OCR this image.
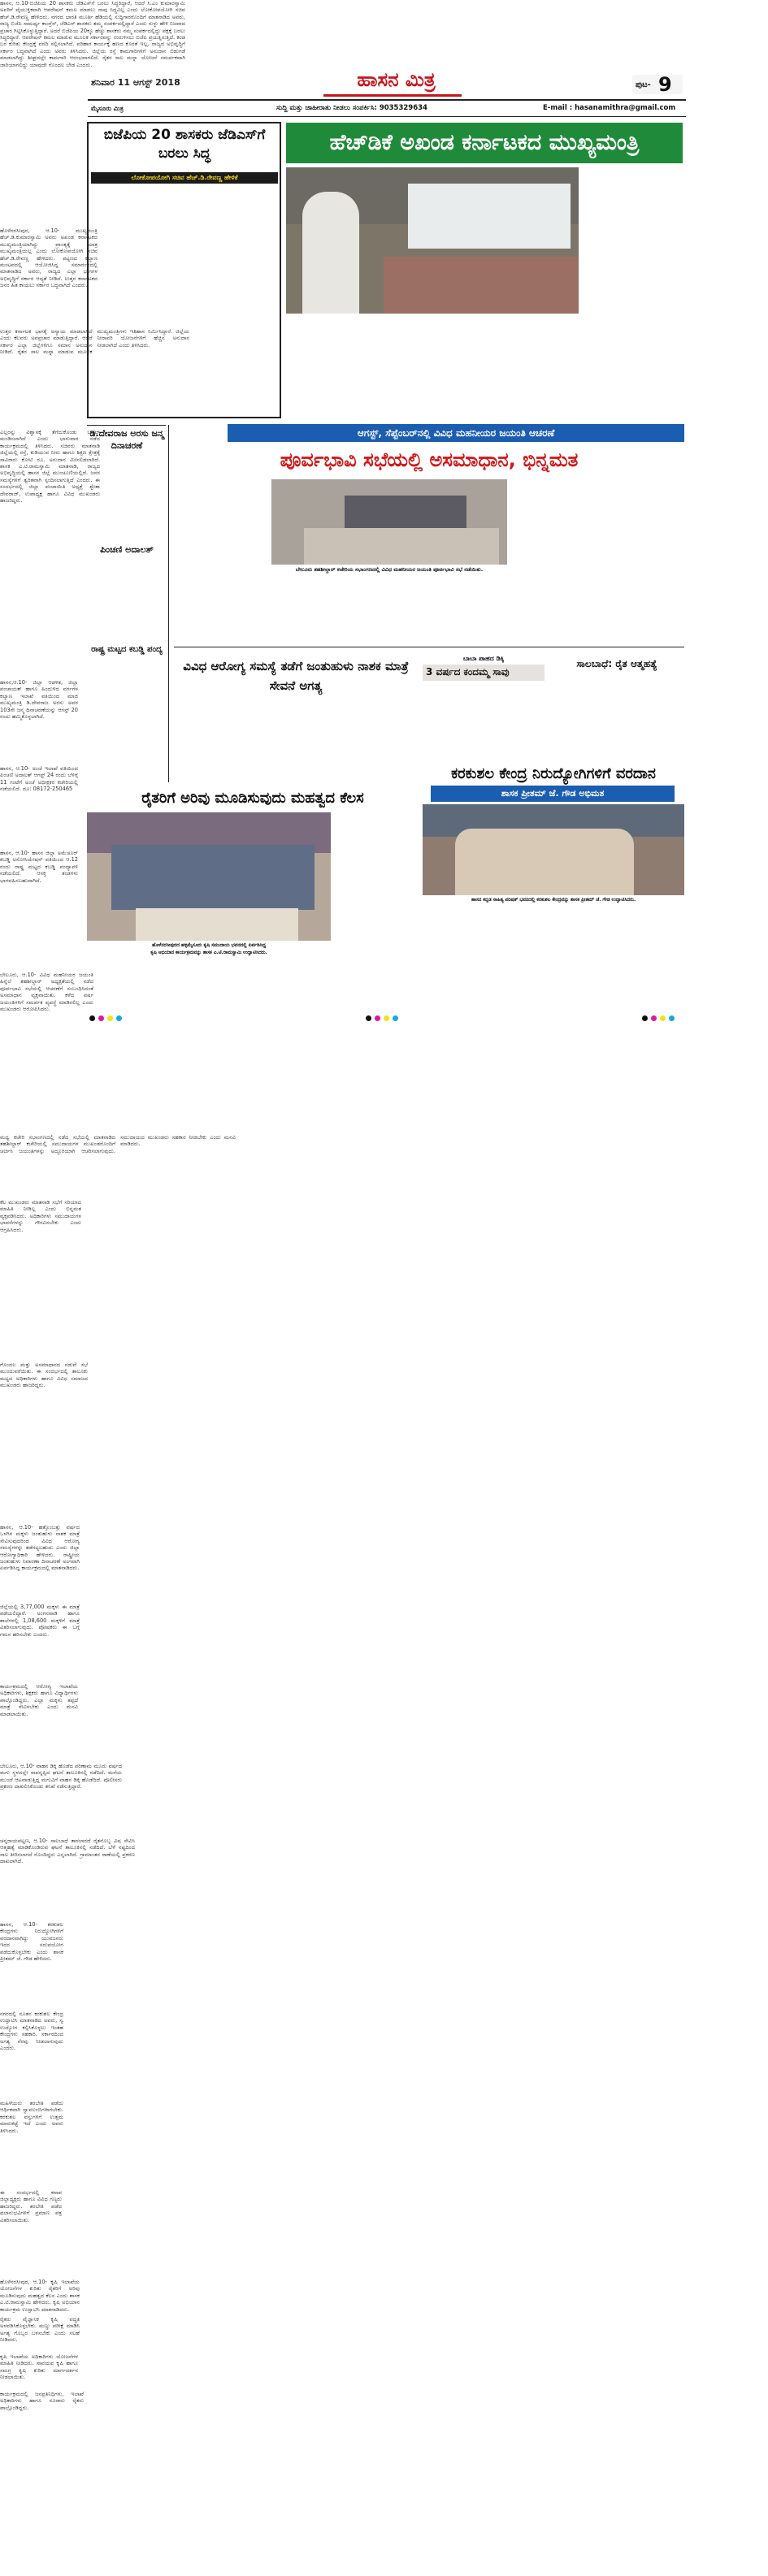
ಶನಿವಾರ 11 ಆಗಸ್ಟ್ 2018	ಹಾಸನ ಮಿತ್ರ	ಪುಟ- 9
ಮೈಸೂರು ಮಿತ್ರ	ಸುದ್ದಿ ಮತ್ತು ಜಾಹೀರಾತು ನೀಡಲು ಸಂಪರ್ಕಿಸಿ: 9035329634	E-mail : hasanamithra@gmail.com
ಬಿಜೆಪಿಯ 20 ಶಾಸಕರು ಜೆಡಿಎಸ್‌ಗೆ ಬರಲು ಸಿದ್ಧ
ಲೋಕೋಪಯೋಗಿ ಸಚಿವ ಹೆಚ್.ಡಿ.ರೇವಣ್ಣ ಹೇಳಿಕೆ
ಹಾಸನ, ಆ.10-ಬಿಜೆಪಿಯ 20 ಶಾಸಕರು ಜೆಡಿಎಸ್‌ಗೆ ಬರಲು ಸಿದ್ಧರಿದ್ದಾರೆ, ಆದರೆ ಸಿ.ಎಂ ಕುಮಾರಸ್ವಾಮಿ ಅವರಿಗೆ ವೈಯುಕ್ತಿಕವಾಗಿ ಆಪರೇಷನ್ ಕಮಲ ಮಾಡಲು ನಾವು ಸಿದ್ಧವಿಲ್ಲ ಎಂದು ಲೋಕೋಪಯೋಗಿ ಸಚಿವ ಹೆಚ್.ಡಿ.ರೇವಣ್ಣ ಹೇಳಿದರು. ನಗರದ ಭಾರತಿ ಮೂರ್ತಿ ಹೆಡಿಯಲ್ಲಿ ಸುದ್ದಿಗಾರರೊಂದಿಗೆ ಮಾತನಾಡಿದ ಅವರು, ರಾಜ್ಯ ಬಿಜೆಪಿ ಸಾಮರ್ಥ್ಯ ಕಾಂಗ್ರೆಸ್, ಜೆಡಿಎಸ್ ಶಾಸಕರು ತಮ್ಮ ಸಂಪರ್ಕದಲ್ಲಿದ್ದಾರೆ ಎಂದು ಸುಳ್ಳು ಹೇಳಿ ನಿಜವಾದ ಪ್ರಚಾರ ಗಿಟ್ಟಿಸಿಕೊಳ್ಳುತ್ತಿದ್ದಾರೆ. ಅದರೆ ಬಿಜೆಪಿಯ 20ಕ್ಕೂ ಹೆಚ್ಚು ಶಾಸಕರು ನಮ್ಮ ಸಂಪರ್ಕದಲ್ಲಿದ್ದು ಪಕ್ಷಕ್ಕೆ ಬರಲು ಸಿದ್ಧರಿದ್ದಾರೆ. ಆಪರೇಷನ್ ಕಮಲ ಮಾಡುವ ಮೂಲಕ ಸರ್ಕಾರವನ್ನು ಉರುಳಿಸಲು ಬಿಜೆಪಿ ಪ್ರಯತ್ನಿಸುತ್ತಿದೆ. ಕರಡ ಬರ ಕುರಿತು ಕೇಂದ್ರಕ್ಕೆ ವರದಿ ಸಲ್ಲಿಸಲಾಗಿದೆ. ಪರಿಹಾರ ಕಾರ್ಯಕ್ಕೆ ಹಣದ ಕೊರತೆ ಇಲ್ಲ. ರಾಜ್ಯದ ಅಭಿವೃದ್ಧಿಗೆ ಸರ್ಕಾರ ಬದ್ಧವಾಗಿದೆ ಎಂದು ಅವರು ತಿಳಿಸಿದರು. ಜಿಲ್ಲೆಯ ರಸ್ತೆ ಕಾಮಗಾರಿಗಳಿಗೆ ಅನುದಾನ ಬಿಡುಗಡೆ ಮಾಡಲಾಗಿದ್ದು ಶೀಘ್ರದಲ್ಲೇ ಕಾಮಗಾರಿ ಆರಂಭವಾಗಲಿದೆ. ರೈತರ ಸಾಲ ಮನ್ನಾ ಯೋಜನೆ ಸಮರ್ಪಕವಾಗಿ ಜಾರಿಯಾಗಲಿದ್ದು ಯಾವುದೇ ಗೊಂದಲ ಬೇಡ ಎಂದರು.
ಹೆಚ್‌ಡಿಕೆ ಅಖಂಡ ಕರ್ನಾಟಕದ ಮುಖ್ಯಮಂತ್ರಿ
ಹೊಳೆನರಸೀಪುರ, ಆ.10- ಮುಖ್ಯಮಂತ್ರಿ ಹೆಚ್.ಡಿ.ಕುಮಾರಸ್ವಾಮಿ ಅವರು ಅಖಂಡ ಕರ್ನಾಟಕದ ಮುಖ್ಯಮಂತ್ರಿಯಾಗಿದ್ದು ಪ್ರಾಂತ್ಯಕ್ಕೆ ಮಾತ್ರ ಮುಖ್ಯಮಂತ್ರಿಯಲ್ಲ ಎಂದು ಲೋಕೋಪಯೋಗಿ ಸಚಿವ ಹೆಚ್.ಡಿ.ರೇವಣ್ಣ ಹೇಳಿದರು. ಪಟ್ಟಣದ ಕಲ್ಯಾಣ ಮಂಟಪದಲ್ಲಿ ಆಯೋಜಿಸಿದ್ದ ಸಮಾರಂಭದಲ್ಲಿ ಮಾತನಾಡಿದ ಅವರು, ರಾಜ್ಯದ ಎಲ್ಲಾ ಭಾಗಗಳ ಅಭಿವೃದ್ಧಿಗೆ ಸರ್ಕಾರ ಆದ್ಯತೆ ನೀಡಿದೆ. ಉತ್ತರ ಕರ್ನಾಟಕದ ಜನರ ಹಿತ ಕಾಯಲು ಸರ್ಕಾರ ಬದ್ಧವಾಗಿದೆ ಎಂದರು.
ಉತ್ತರ ಕರ್ನಾಟಕ ಭಾಗಕ್ಕೆ ಅನ್ಯಾಯ ಮಾಡಲಾಗಿದೆ ಎಂದು ಕೆಲವರು ಅಪಪ್ರಚಾರ ಮಾಡುತ್ತಿದ್ದಾರೆ. ಆದರೆ ಸರ್ಕಾರ ಎಲ್ಲಾ ಜಿಲ್ಲೆಗಳಿಗೂ ಸಮಾನ ಅನುದಾನ ನೀಡಿದೆ. ರೈತರ ಸಾಲ ಮನ್ನಾ ಮಾಡುವ ಮೂಲಕ ಮುಖ್ಯಮಂತ್ರಿಗಳು ಇತಿಹಾಸ ನಿರ್ಮಿಸಿದ್ದಾರೆ. ಜಿಲ್ಲೆಯ ನೀರಾವರಿ ಯೋಜನೆಗಳಿಗೆ ಹೆಚ್ಚಿನ ಅನುದಾನ ನೀಡಲಾಗಿದೆ ಎಂದು ತಿಳಿಸಿದರು.
ಎಲ್ಲರನ್ನು ವಿಶ್ವಾಸಕ್ಕೆ ತೆಗೆದುಕೊಂಡು ಬಜೆಟ್ ಮಂಡಿಸಲಾಗಿದೆ ಎಂದು ಭಾನುವಾರ ನಡೆದ ಕಾರ್ಯಕ್ರಮದಲ್ಲಿ ತಿಳಿಸಿದರು. ಸಚಿವರು ಮಾತನಾಡಿ ಜಿಲ್ಲೆಯಲ್ಲಿ ರಸ್ತೆ, ಕುಡಿಯುವ ನೀರು ಹಾಗೂ ಶಿಕ್ಷಣ ಕ್ಷೇತ್ರಕ್ಕೆ ಸಾವಿರಾರು ಕೋಟಿ ರೂ. ಅನುದಾನ ಮೀಸಲಿಡಲಾಗಿದೆ. ಶಾಸಕ ಎ.ಟಿ.ರಾಮಸ್ವಾಮಿ ಮಾತನಾಡಿ, ರಾಜ್ಯದ ಅಭಿವೃದ್ಧಿಯಲ್ಲಿ ಹಾಸನ ಜಿಲ್ಲೆ ಮುಂಚೂಣಿಯಲ್ಲಿದೆ. ಜನರ ಸಮಸ್ಯೆಗಳಿಗೆ ತ್ವರಿತವಾಗಿ ಸ್ಪಂದಿಸಲಾಗುತ್ತಿದೆ ಎಂದರು. ಈ ಸಂದರ್ಭದಲ್ಲಿ ಜಿಲ್ಲಾ ಪಂಚಾಯಿತಿ ಅಧ್ಯಕ್ಷೆ ಶ್ವೇತಾ ದೇವರಾಜ್, ಉಪಾಧ್ಯಕ್ಷ ಹಾಗೂ ವಿವಿಧ ಮುಖಂಡರು ಹಾಜರಿದ್ದರು.
ಡಿ.ದೇವರಾಜ ಅರಸು ಜನ್ಮ ದಿನಾಚರಣೆ
ಹಾಸನ,ಆ.10- ಜಿಲ್ಲಾ ಆಡಳಿತ, ಜಿಲ್ಲಾ ಪಂಚಾಯತ್ ಹಾಗೂ ಹಿಂದುಳಿದ ವರ್ಗಗಳ ಕಲ್ಯಾಣ ಇಲಾಖೆ ವತಿಯಿಂದ ಮಾಜಿ ಮುಖ್ಯಮಂತ್ರಿ ಡಿ.ದೇವರಾಜ ಅರಸು ಅವರ 103ನೇ ಜನ್ಮ ದಿನಾಚರಣೆಯನ್ನು ಆಗಸ್ಟ್ 20 ರಂದು ಹಮ್ಮಿಕೊಳ್ಳಲಾಗಿದೆ.
ಪಿಂಚಣಿ ಅದಾಲತ್
ಹಾಸನ, ಆ.10- ಅಂಚೆ ಇಲಾಖೆ ವತಿಯಿಂದ ಪಿಂಚಣಿ ಅದಾಲತ್ ಆಗಸ್ಟ್ 24 ರಂದು ಬೆಳಿಗ್ಗೆ 11 ಗಂಟೆಗೆ ಅಂಚೆ ಅಧೀಕ್ಷಕರ ಕಚೇರಿಯಲ್ಲಿ ನಡೆಯಲಿದೆ. ದೂ: 08172-250465
ರಾಷ್ಟ್ರ ಮಟ್ಟದ ಕಬಡ್ಡಿ ಪಂದ್ಯ
ಹಾಸನ, ಆ.10- ಹಾಸನ ಜಿಲ್ಲಾ ಅಮೆಚೂರ್ ಕಬಡ್ಡಿ ಅಸೋಸಿಯೇಷನ್ ವತಿಯಿಂದ ಆ.12 ರಂದು ರಾಷ್ಟ್ರ ಮಟ್ಟದ ಕಬಡ್ಡಿ ಪಂದ್ಯಾವಳಿ ನಡೆಯಲಿದೆ. ಆಸಕ್ತ ತಂಡಗಳು ಭಾಗವಹಿಸಬಹುದಾಗಿದೆ.
ಆಗಸ್ಟ್, ಸೆಪ್ಟೆಂಬರ್‌ನಲ್ಲಿ ವಿವಿಧ ಮಹನೀಯರ ಜಯಂತಿ ಆಚರಣೆ
ಪೂರ್ವಭಾವಿ ಸಭೆಯಲ್ಲಿ ಅಸಮಾಧಾನ, ಭಿನ್ನಮತ
ಬೇಲೂರು, ಆ.10- ವಿವಿಧ ಮಹನೀಯರ ಜಯಂತಿ ಹಿನ್ನೆಲೆ ತಹಶೀಲ್ದಾರ್ ಅಧ್ಯಕ್ಷತೆಯಲ್ಲಿ ನಡೆದ ಪೂರ್ವಭಾವಿ ಸಭೆಯಲ್ಲಿ ಆಚರಣೆಗೆ ಸಂಬಂಧಿಸಿದಂತೆ ಅಸಮಾಧಾನ ವ್ಯಕ್ತವಾಯಿತು. ಕಳೆದ ವರ್ಷ ಜಯಂತಿಗಳಿಗೆ ಸಮರ್ಪಕ ವ್ಯವಸ್ಥೆ ಮಾಡಿರಲಿಲ್ಲ ಎಂದು ಮುಖಂಡರು ಆರೋಪಿಸಿದರು.
ಬೇಲೂರು ತಹಶೀಲ್ದಾರ್ ಕಚೇರಿಯ ಸಭಾಂಗಣದಲ್ಲಿ ವಿವಿಧ ಮಹನೀಯರ ಜಯಂತಿ ಪೂರ್ವಭಾವಿ ಸಭೆ ನಡೆಯಿತು.
ಮಧ್ಯ ಕಚೇರಿ ಸಭಾಂಗಣದಲ್ಲಿ ನಡೆದ ಸಭೆಯಲ್ಲಿ ಮಾತನಾಡಿದ ತಹಶೀಲ್ದಾರ್ ಕಚೇರಿಯಲ್ಲಿ ಸಮುದಾಯಗಳ ಮುಖಂಡರೊಂದಿಗೆ ಚರ್ಚಿಸಿ ಜಯಂತಿಗಳನ್ನು ಅದ್ದೂರಿಯಾಗಿ ಆಚರಿಸಲಾಗುವುದು. ಸಮುದಾಯದ ಮುಖಂಡರು ಸಹಕಾರ ನೀಡಬೇಕು ಎಂದು ಮನವಿ ಮಾಡಿದರು.
ಕೆಲ ಮುಖಂಡರು ಮಾತನಾಡಿ ಸಭೆಗೆ ಸರಿಯಾದ ಮಾಹಿತಿ ನೀಡಿಲ್ಲ ಎಂದು ಭಿನ್ನಮತ ವ್ಯಕ್ತಪಡಿಸಿದರು. ಅಧಿಕಾರಿಗಳು ಸಮುದಾಯಗಳ ಭಾವನೆಗಳನ್ನು ಗೌರವಿಸಬೇಕು ಎಂದು ಆಗ್ರಹಿಸಿದರು.
ಗೊಂದಲ ಮತ್ತು ಅಸಮಾಧಾನದ ನಡುವೆ ಸಭೆ ಮುಂದುವರೆಯಿತು. ಈ ಸಂದರ್ಭದಲ್ಲಿ ತಾಲೂಕು ಮಟ್ಟದ ಅಧಿಕಾರಿಗಳು ಹಾಗೂ ವಿವಿಧ ಸಮಾಜದ ಮುಖಂಡರು ಹಾಜರಿದ್ದರು.
ವಿವಿಧ ಆರೋಗ್ಯ ಸಮಸ್ಯೆ ತಡೆಗೆ ಜಂತುಹುಳು ನಾಶಕ ಮಾತ್ರೆ ಸೇವನೆ ಅಗತ್ಯ
ಹಾಸನ, ಆ.10- ಹತ್ತೊಂಬತ್ತು ವರ್ಷದ ಒಳಗಿನ ಮಕ್ಕಳು ಜಂತುಹುಳು ನಾಶಕ ಮಾತ್ರೆ ಸೇವಿಸುವುದರಿಂದ ವಿವಿಧ ಆರೋಗ್ಯ ಸಮಸ್ಯೆಗಳನ್ನು ತಡೆಗಟ್ಟಬಹುದು ಎಂದು ಜಿಲ್ಲಾ ಆರೋಗ್ಯಾಧಿಕಾರಿ ಹೇಳಿದರು. ರಾಷ್ಟ್ರೀಯ ಜಂತುಹುಳು ನಿವಾರಣಾ ದಿನಾಚರಣೆ ಅಂಗವಾಗಿ ಏರ್ಪಡಿಸಿದ್ದ ಕಾರ್ಯಕ್ರಮದಲ್ಲಿ ಮಾತನಾಡಿದರು.
ಜಿಲ್ಲೆಯಲ್ಲಿ 3,77,000 ಮಕ್ಕಳು ಈ ಮಾತ್ರೆ ಪಡೆಯಲಿದ್ದಾರೆ. ಅಂಗನವಾಡಿ ಹಾಗೂ ಶಾಲೆಗಳಲ್ಲಿ 1,08,600 ಮಕ್ಕಳಿಗೆ ಮಾತ್ರೆ ವಿತರಿಸಲಾಗುವುದು. ಪೋಷಕರು ಈ ಬಗ್ಗೆ ಗಮನ ಹರಿಸಬೇಕು ಎಂದರು.
ಕಾರ್ಯಕ್ರಮದಲ್ಲಿ ಆರೋಗ್ಯ ಇಲಾಖೆಯ ಅಧಿಕಾರಿಗಳು, ಶಿಕ್ಷಕರು ಹಾಗೂ ವಿದ್ಯಾರ್ಥಿಗಳು ಪಾಲ್ಗೊಂಡಿದ್ದರು. ಎಲ್ಲಾ ಮಕ್ಕಳು ತಪ್ಪದೆ ಮಾತ್ರೆ ಸೇವಿಸಬೇಕು ಎಂದು ಮನವಿ ಮಾಡಲಾಯಿತು.
ಬಾಬಾ ಪಾಹದ ಡಿಕ್ಕಿ
3 ವರ್ಷದ ಕಂದಮ್ಮ ಸಾವು
ಬೇಲೂರು, ಆ.10- ವಾಹನ ಡಿಕ್ಕಿ ಹೊಡೆದ ಪರಿಣಾಮ ಮೂರು ವರ್ಷದ ಮಗು ಸ್ಥಳದಲ್ಲೇ ಸಾವನ್ನಪ್ಪಿದ ಘಟನೆ ತಾಲೂಕಿನಲ್ಲಿ ನಡೆದಿದೆ. ಮನೆಯ ಮುಂದೆ ಆಟವಾಡುತ್ತಿದ್ದ ಮಗುವಿಗೆ ವಾಹನ ಡಿಕ್ಕಿ ಹೊಡೆದಿದೆ. ಪೊಲೀಸರು ಪ್ರಕರಣ ದಾಖಲಿಸಿಕೊಂಡು ತನಿಖೆ ನಡೆಸುತ್ತಿದ್ದಾರೆ.
ಸಾಲಬಾಧೆ: ರೈತ ಆತ್ಮಹತ್ಯೆ
ಚನ್ನರಾಯಪಟ್ಟಣ, ಆ.10- ಸಾಲಬಾಧೆ ತಾಳಲಾರದೆ ರೈತನೊಬ್ಬ ವಿಷ ಸೇವಿಸಿ ಆತ್ಮಹತ್ಯೆ ಮಾಡಿಕೊಂಡಿರುವ ಘಟನೆ ತಾಲೂಕಿನಲ್ಲಿ ನಡೆದಿದೆ. ಬೆಳೆ ನಷ್ಟದಿಂದ ಸಾಲ ತೀರಿಸಲಾಗದೆ ನೊಂದಿದ್ದರು ಎನ್ನಲಾಗಿದೆ. ಗ್ರಾಮಾಂತರ ಠಾಣೆಯಲ್ಲಿ ಪ್ರಕರಣ ದಾಖಲಾಗಿದೆ.
ಕರಕುಶಲ ಕೇಂದ್ರ ನಿರುದ್ಯೋಗಿಗಳಿಗೆ ವರದಾನ
ಶಾಸಕ ಪ್ರೀತಮ್ ಜೆ. ಗೌಡ ಅಭಿಮತ
ಹಾಸನ ಕನ್ನಡ ಸಾಹಿತ್ಯ ಪರಿಷತ್ ಭವನದಲ್ಲಿ ಕರಕುಶಲ ಕೇಂದ್ರವನ್ನು ಶಾಸಕ ಪ್ರೀತಮ್ ಜೆ. ಗೌಡ ಉದ್ಘಾಟಿಸಿದರು.
ಹಾಸನ, ಆ.10- ಕರಕುಶಲ ಕೇಂದ್ರಗಳು ನಿರುದ್ಯೋಗಿಗಳಿಗೆ ವರದಾನವಾಗಿದ್ದು ಯುವಜನರು ಇದರ ಸದುಪಯೋಗ ಪಡೆದುಕೊಳ್ಳಬೇಕು ಎಂದು ಶಾಸಕ ಪ್ರೀತಮ್ ಜೆ. ಗೌಡ ಹೇಳಿದರು.
ನಗರದಲ್ಲಿ ನೂತನ ಕರಕುಶಲ ಕೇಂದ್ರ ಉದ್ಘಾಟಿಸಿ ಮಾತನಾಡಿದ ಅವರು, ಸ್ವ ಉದ್ಯೋಗ ಕಲ್ಪಿಸಿಕೊಳ್ಳಲು ಇಂತಹ ಕೇಂದ್ರಗಳು ಸಹಕಾರಿ. ಸರ್ಕಾರದಿಂದ ಅಗತ್ಯ ನೆರವು ನೀಡಲಾಗುವುದು ಎಂದರು.
ಮಹಿಳೆಯರು ತರಬೇತಿ ಪಡೆದು ಆರ್ಥಿಕವಾಗಿ ಸ್ವಾವಲಂಬಿಗಳಾಗಬೇಕು. ಕರಕುಶಲ ವಸ್ತುಗಳಿಗೆ ಉತ್ತಮ ಮಾರುಕಟ್ಟೆ ಇದೆ ಎಂದು ಅವರು ತಿಳಿಸಿದರು.
ಈ ಸಂದರ್ಭದಲ್ಲಿ ಕಸಾಪ ಜಿಲ್ಲಾಧ್ಯಕ್ಷರು ಹಾಗೂ ವಿವಿಧ ಗಣ್ಯರು ಹಾಜರಿದ್ದರು. ತರಬೇತಿ ಪಡೆದ ಫಲಾನುಭವಿಗಳಿಗೆ ಪ್ರಮಾಣ ಪತ್ರ ವಿತರಿಸಲಾಯಿತು.
ರೈತರಿಗೆ ಅರಿವು ಮೂಡಿಸುವುದು ಮಹತ್ವದ ಕೆಲಸ
ಹೊಳೆನರಸೀಪುರದ ಹಳ್ಳಿಮೈಸೂರು ಕೃಷಿ ಸಮುದಾಯ ಭವನದಲ್ಲಿ ಏರ್ಪಡಿಸಿದ್ದ
ಕೃಷಿ ಅಭಿಯಾನ ಕಾರ್ಯಕ್ರಮವನ್ನು ಶಾಸಕ ಎ.ಟಿ.ರಾಮಸ್ವಾಮಿ ಉದ್ಘಾಟಿಸಿದರು.
ಹೊಳೆನರಸೀಪುರ, ಆ.10- ಕೃಷಿ ಇಲಾಖೆಯ ಯೋಜನೆಗಳ ಕುರಿತು ರೈತರಿಗೆ ಅರಿವು ಮೂಡಿಸುವುದು ಮಹತ್ವದ ಕೆಲಸ ಎಂದು ಶಾಸಕ ಎ.ಟಿ.ರಾಮಸ್ವಾಮಿ ಹೇಳಿದರು. ಕೃಷಿ ಅಭಿಯಾನ ಕಾರ್ಯಕ್ರಮ ಉದ್ಘಾಟಿಸಿ ಮಾತನಾಡಿದರು.
ರೈತರು ವೈಜ್ಞಾನಿಕ ಕೃಷಿ ಪದ್ಧತಿ ಅಳವಡಿಸಿಕೊಳ್ಳಬೇಕು. ಮಣ್ಣು ಪರೀಕ್ಷೆ ಮಾಡಿಸಿ ಅಗತ್ಯ ಗೊಬ್ಬರ ಬಳಸಬೇಕು ಎಂದು ಸಲಹೆ ನೀಡಿದರು.
ಕೃಷಿ ಇಲಾಖೆಯ ಅಧಿಕಾರಿಗಳು ಯೋಜನೆಗಳ ಮಾಹಿತಿ ನೀಡಿದರು. ಸಾವಯವ ಕೃಷಿ ಹಾಗೂ ಸಮಗ್ರ ಕೃಷಿ ಕುರಿತು ಮಾರ್ಗದರ್ಶನ ನೀಡಲಾಯಿತು.
ಕಾರ್ಯಕ್ರಮದಲ್ಲಿ ಜನಪ್ರತಿನಿಧಿಗಳು, ಇಲಾಖೆ ಅಧಿಕಾರಿಗಳು ಹಾಗೂ ನೂರಾರು ರೈತರು ಪಾಲ್ಗೊಂಡಿದ್ದರು.
